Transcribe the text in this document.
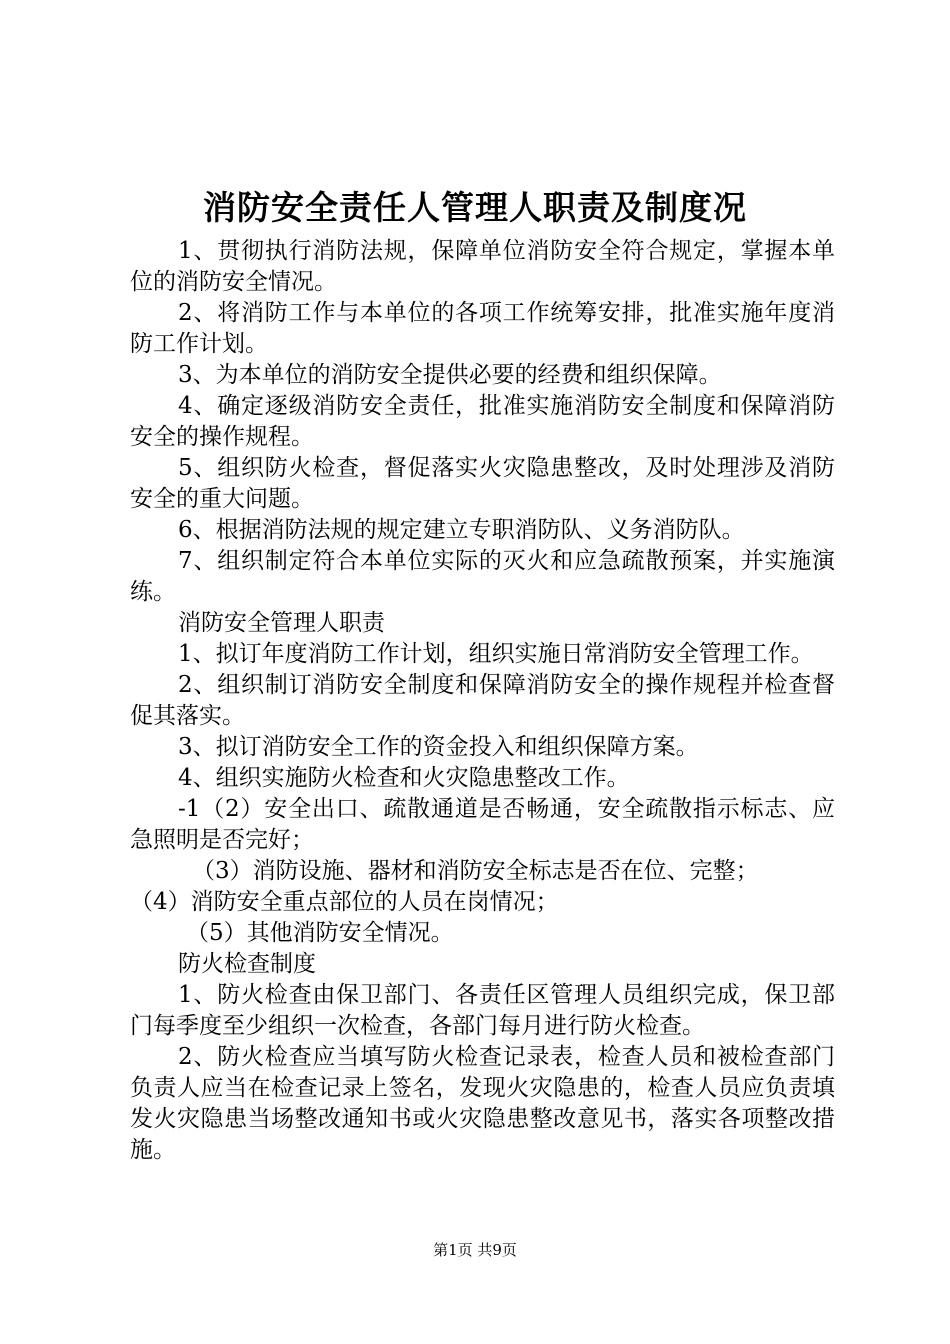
消防安全责任人管理人职责及制度况

1、贯彻执行消防法规，保障单位消防安全符合规定，掌握本单位的消防安全情况。

2、将消防工作与本单位的各项工作统筹安排，批准实施年度消防工作计划。

3、为本单位的消防安全提供必要的经费和组织保障。

4、确定逐级消防安全责任，批准实施消防安全制度和保障消防安全的操作规程。

5、组织防火检查，督促落实火灾隐患整改，及时处理涉及消防安全的重大问题。

6、根据消防法规的规定建立专职消防队、义务消防队。

7、组织制定符合本单位实际的灭火和应急疏散预案，并实施演练。

消防安全管理人职责

1、拟订年度消防工作计划，组织实施日常消防安全管理工作。

2、组织制订消防安全制度和保障消防安全的操作规程并检查督促其落实。

3、拟订消防安全工作的资金投入和组织保障方案。

4、组织实施防火检查和火灾隐患整改工作。

-1（2）安全出口、疏散通道是否畅通，安全疏散指示标志、应急照明是否完好；

（3）消防设施、器材和消防安全标志是否在位、完整；

（4）消防安全重点部位的人员在岗情况；

（5）其他消防安全情况。

防火检查制度

1、防火检查由保卫部门、各责任区管理人员组织完成，保卫部门每季度至少组织一次检查，各部门每月进行防火检查。

2、防火检查应当填写防火检查记录表，检查人员和被检查部门负责人应当在检查记录上签名，发现火灾隐患的，检查人员应负责填发火灾隐患当场整改通知书或火灾隐患整改意见书，落实各项整改措施。

第1页 共9页
